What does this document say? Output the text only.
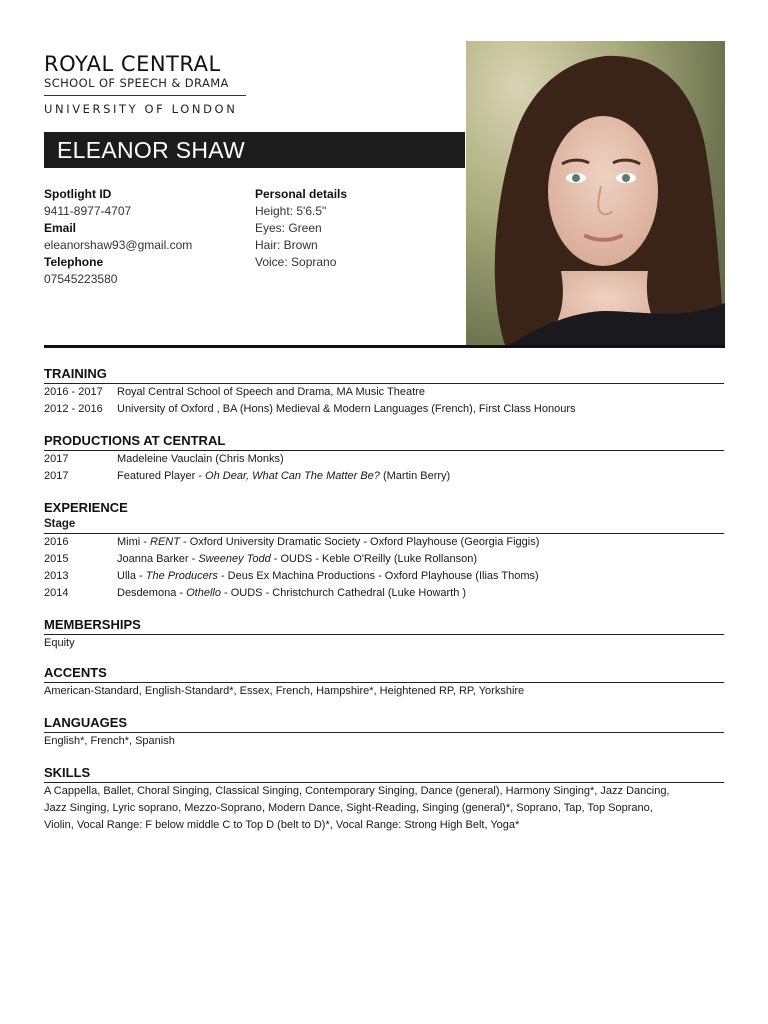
ROYAL CENTRAL
SCHOOL OF SPEECH & DRAMA
UNIVERSITY OF LONDON
ELEANOR SHAW
Spotlight ID
9411-8977-4707
Email
eleanorshaw93@gmail.com
Telephone
07545223580
Personal details
Height: 5'6.5"
Eyes: Green
Hair: Brown
Voice: Soprano
TRAINING
2016 - 2017	Royal Central School of Speech and Drama, MA Music Theatre
2012 - 2016	University of Oxford , BA (Hons) Medieval & Modern Languages (French), First Class Honours
PRODUCTIONS AT CENTRAL
2017	Madeleine Vauclain (Chris Monks)
2017	Featured Player - Oh Dear, What Can The Matter Be? (Martin Berry)
EXPERIENCE
Stage
2016	Mimi - RENT - Oxford University Dramatic Society - Oxford Playhouse (Georgia Figgis)
2015	Joanna Barker - Sweeney Todd - OUDS - Keble O'Reilly (Luke Rollanson)
2013	Ulla - The Producers - Deus Ex Machina Productions - Oxford Playhouse (Ilias Thoms)
2014	Desdemona - Othello - OUDS - Christchurch Cathedral (Luke Howarth )
MEMBERSHIPS
Equity
ACCENTS
American-Standard, English-Standard*, Essex, French, Hampshire*, Heightened RP, RP, Yorkshire
LANGUAGES
English*, French*, Spanish
SKILLS
A Cappella, Ballet, Choral Singing, Classical Singing, Contemporary Singing, Dance (general), Harmony Singing*, Jazz Dancing,
Jazz Singing, Lyric soprano, Mezzo-Soprano, Modern Dance, Sight-Reading, Singing (general)*, Soprano, Tap, Top Soprano,
Violin, Vocal Range: F below middle C to Top D (belt to D)*, Vocal Range: Strong High Belt, Yoga*
